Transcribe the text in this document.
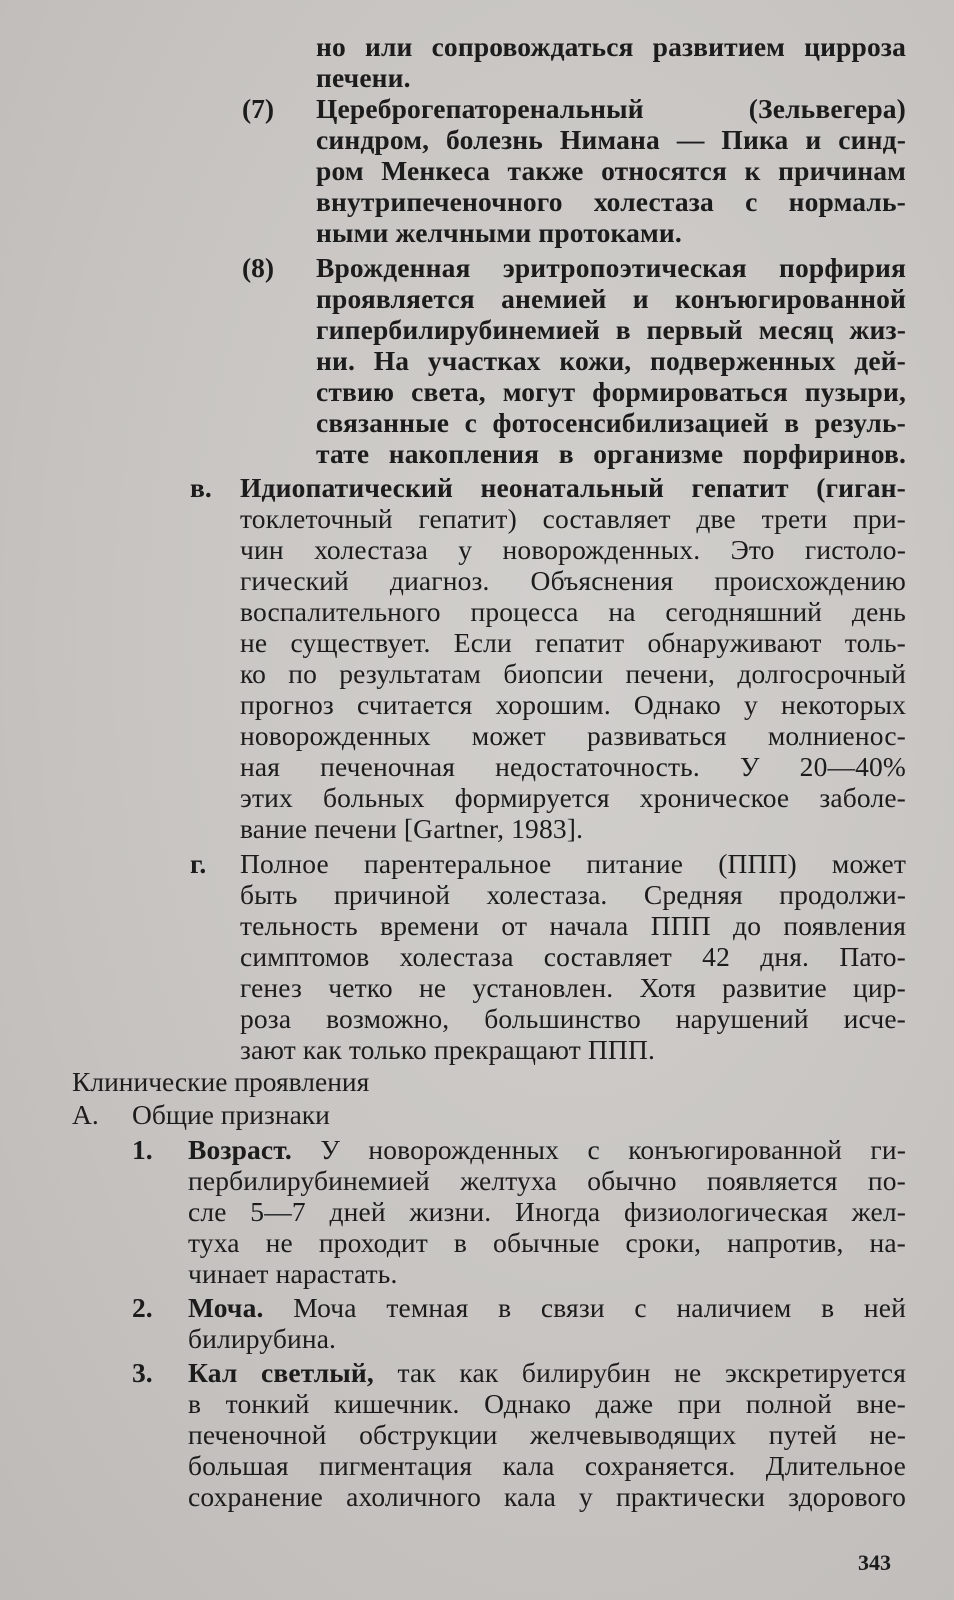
но или сопровождаться развитием цирроза
печени.
(7) Цереброгепаторенальный (Зельвегера)
синдром, болезнь Нимана — Пика и синд-
ром Менкеса также относятся к причинам
внутрипеченочного холестаза с нормаль-
ными желчными протоками.
(8) Врожденная эритропоэтическая порфирия
проявляется анемией и конъюгированной
гипербилирубинемией в первый месяц жиз-
ни. На участках кожи, подверженных дей-
ствию света, могут формироваться пузыри,
связанные с фотосенсибилизацией в резуль-
тате накопления в организме порфиринов.
в. Идиопатический неонатальный гепатит (гиган-
токлеточный гепатит) составляет две трети при-
чин холестаза у новорожденных. Это гистоло-
гический диагноз. Объяснения происхождению
воспалительного процесса на сегодняшний день
не существует. Если гепатит обнаруживают толь-
ко по результатам биопсии печени, долгосрочный
прогноз считается хорошим. Однако у некоторых
новорожденных может развиваться молниенос-
ная печеночная недостаточность. У 20—40%
этих больных формируется хроническое заболе-
вание печени [Gartner, 1983].
г. Полное парентеральное питание (ППП) может
быть причиной холестаза. Средняя продолжи-
тельность времени от начала ППП до появления
симптомов холестаза составляет 42 дня. Пато-
генез четко не установлен. Хотя развитие цир-
роза возможно, большинство нарушений исче-
зают как только прекращают ППП.
Клинические проявления
А. Общие признаки
1. Возраст. У новорожденных с конъюгированной ги-
пербилирубинемией желтуха обычно появляется по-
сле 5—7 дней жизни. Иногда физиологическая жел-
туха не проходит в обычные сроки, напротив, на-
чинает нарастать.
2. Моча. Моча темная в связи с наличием в ней
билирубина.
3. Кал светлый, так как билирубин не экскретируется
в тонкий кишечник. Однако даже при полной вне-
печеночной обструкции желчевыводящих путей не-
большая пигментация кала сохраняется. Длительное
сохранение ахоличного кала у практически здорового
343
